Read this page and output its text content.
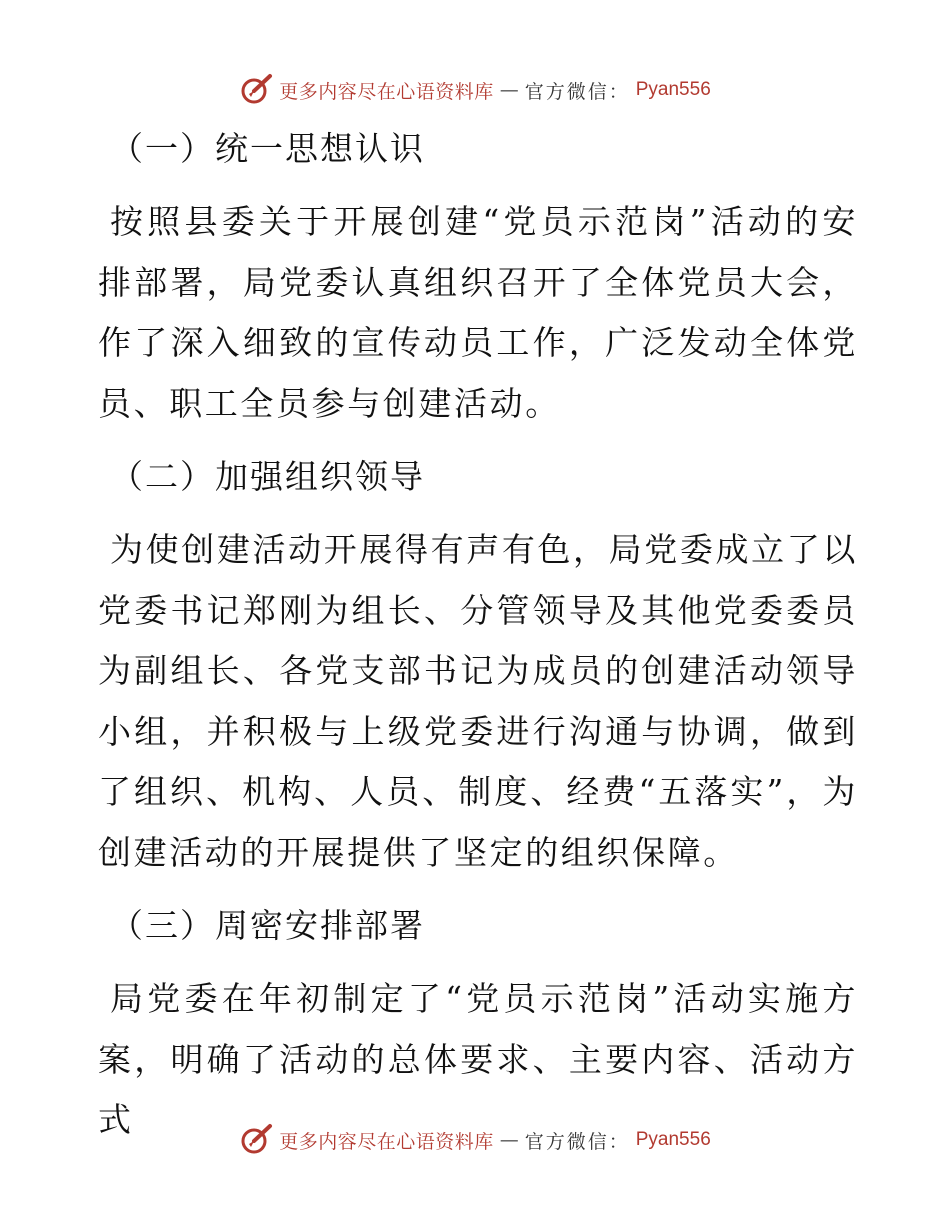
更多内容尽在心语资料库 — 官方微信： Pyan556
（一）统一思想认识

按照县委关于开展创建“党员示范岗”活动的安排部署，局党委认真组织召开了全体党员大会，作了深入细致的宣传动员工作，广泛发动全体党员、职工全员参与创建活动。

（二）加强组织领导

为使创建活动开展得有声有色，局党委成立了以党委书记郑刚为组长、分管领导及其他党委委员为副组长、各党支部书记为成员的创建活动领导小组，并积极与上级党委进行沟通与协调，做到了组织、机构、人员、制度、经费“五落实”，为创建活动的开展提供了坚定的组织保障。

（三）周密安排部署

局党委在年初制定了“党员示范岗”活动实施方案，明确了活动的总体要求、主要内容、活动方式

更多内容尽在心语资料库 — 官方微信： Pyan556
